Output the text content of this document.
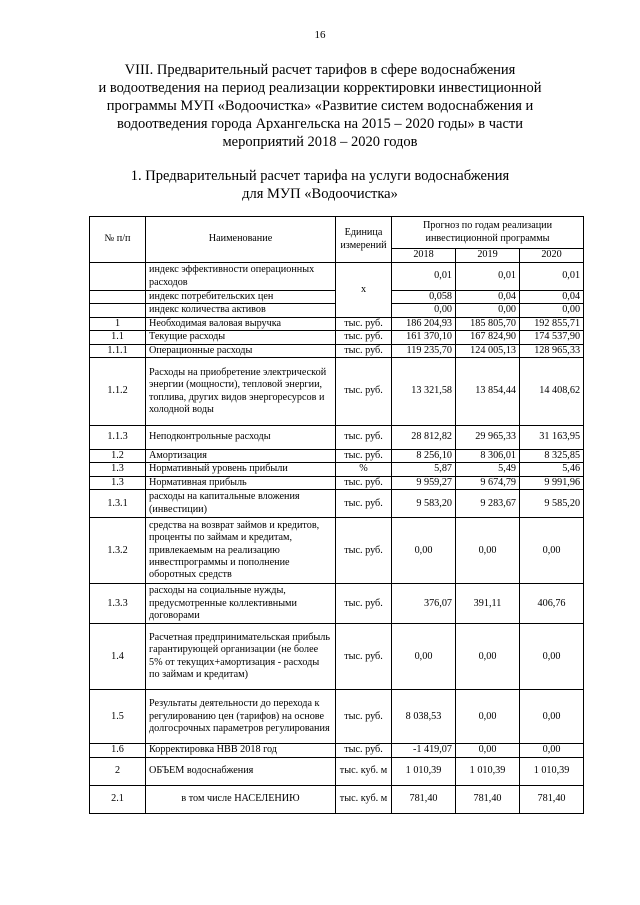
16
VIII. Предварительный расчет тарифов в сфере водоснабжения
и водоотведения на период реализации корректировки инвестиционной
программы МУП «Водоочистка» «Развитие систем водоснабжения и
водоотведения города Архангельска на 2015 – 2020 годы» в части
мероприятий 2018 – 2020 годов
1. Предварительный расчет тарифа на услуги водоснабжения
для МУП «Водоочистка»
№ п/п	Наименование	Единица измерений	Прогноз по годам реализации инвестиционной программы		
			2018	2019	2020
	индекс эффективности операционных расходов	x	0,01	0,01	0,01
	индекс потребительских цен		0,058	0,04	0,04
	индекс количества активов		0,00	0,00	0,00
1	Необходимая валовая выручка	тыс. руб.	186 204,93	185 805,70	192 855,71
1.1	Текущие расходы	тыс. руб.	161 370,10	167 824,90	174 537,90
1.1.1	Операционные расходы	тыс. руб.	119 235,70	124 005,13	128 965,33
1.1.2	Расходы на приобретение электрической энергии (мощности), тепловой энергии, топлива, других видов энергоресурсов и холодной воды	тыс. руб.	13 321,58	13 854,44	14 408,62
1.1.3	Неподконтрольные расходы	тыс. руб.	28 812,82	29 965,33	31 163,95
1.2	Амортизация	тыс. руб.	8 256,10	8 306,01	8 325,85
1.3	Нормативный уровень прибыли	%	5,87	5,49	5,46
1.3	Нормативная прибыль	тыс. руб.	9 959,27	9 674,79	9 991,96
1.3.1	расходы на капитальные вложения (инвестиции)	тыс. руб.	9 583,20	9 283,67	9 585,20
1.3.2	средства на возврат займов и кредитов, проценты по займам и кредитам, привлекаемым на реализацию инвестпрограммы и пополнение оборотных средств	тыс. руб.	0,00	0,00	0,00
1.3.3	расходы на социальные нужды, предусмотренные коллективными договорами	тыс. руб.	376,07	391,11	406,76
1.4	Расчетная предпринимательская прибыль гарантирующей организации (не более 5% от текущих+амортизация - расходы по займам и кредитам)	тыс. руб.	0,00	0,00	0,00
1.5	Результаты деятельности до перехода к регулированию цен (тарифов) на основе долгосрочных параметров регулирования	тыс. руб.	8 038,53	0,00	0,00
1.6	Корректировка НВВ 2018 год	тыс. руб.	-1 419,07	0,00	0,00
2	ОБЪЕМ водоснабжения	тыс. куб. м	1 010,39	1 010,39	1 010,39
2.1	в том числе НАСЕЛЕНИЮ	тыс. куб. м	781,40	781,40	781,40
